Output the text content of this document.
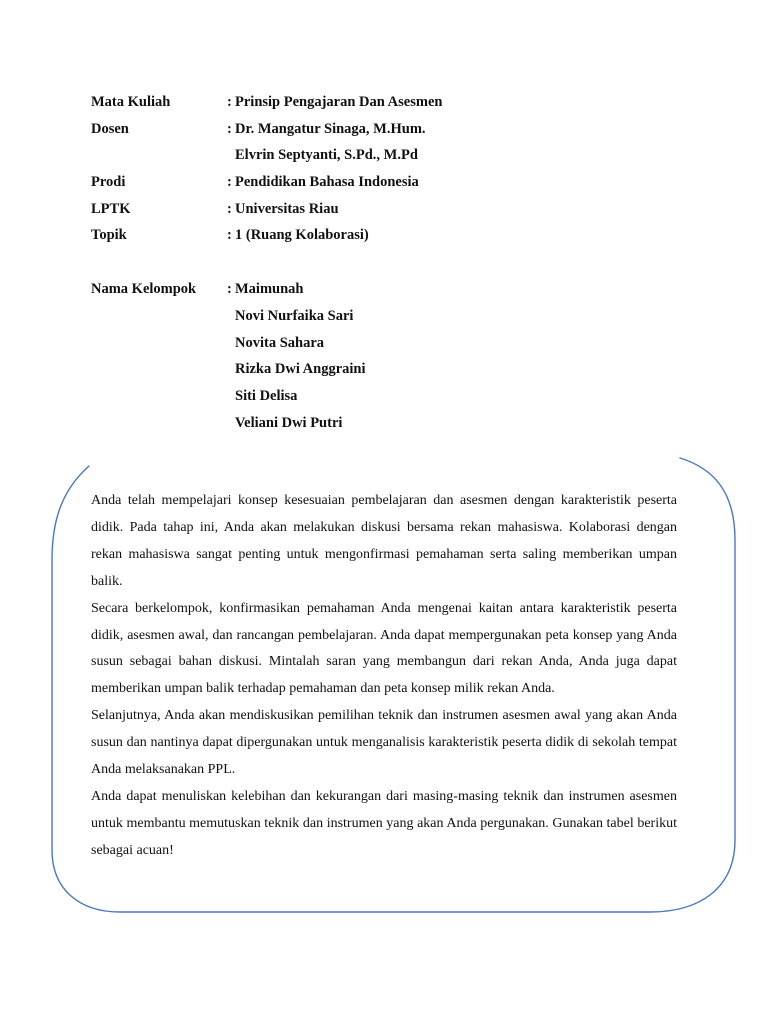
Mata Kuliah	: Prinsip Pengajaran Dan Asesmen
Dosen	: Dr. Mangatur Sinaga, M.Hum.
Elvrin Septyanti, S.Pd., M.Pd
Prodi	: Pendidikan Bahasa Indonesia
LPTK	: Universitas Riau
Topik	: 1 (Ruang Kolaborasi)
Nama Kelompok : Maimunah
Novi Nurfaika Sari
Novita Sahara
Rizka Dwi Anggraini
Siti Delisa
Veliani Dwi Putri

Anda telah mempelajari konsep kesesuaian pembelajaran dan asesmen dengan karakteristik peserta didik. Pada tahap ini, Anda akan melakukan diskusi bersama rekan mahasiswa. Kolaborasi dengan rekan mahasiswa sangat penting untuk mengonfirmasi pemahaman serta saling memberikan umpan balik.

Secara berkelompok, konfirmasikan pemahaman Anda mengenai kaitan antara karakteristik peserta didik, asesmen awal, dan rancangan pembelajaran. Anda dapat mempergunakan peta konsep yang Anda susun sebagai bahan diskusi. Mintalah saran yang membangun dari rekan Anda, Anda juga dapat memberikan umpan balik terhadap pemahaman dan peta konsep milik rekan Anda.

Selanjutnya, Anda akan mendiskusikan pemilihan teknik dan instrumen asesmen awal yang akan Anda susun dan nantinya dapat dipergunakan untuk menganalisis karakteristik peserta didik di sekolah tempat Anda melaksanakan PPL.

Anda dapat menuliskan kelebihan dan kekurangan dari masing-masing teknik dan instrumen asesmen untuk membantu memutuskan teknik dan instrumen yang akan Anda pergunakan. Gunakan tabel berikut sebagai acuan!
